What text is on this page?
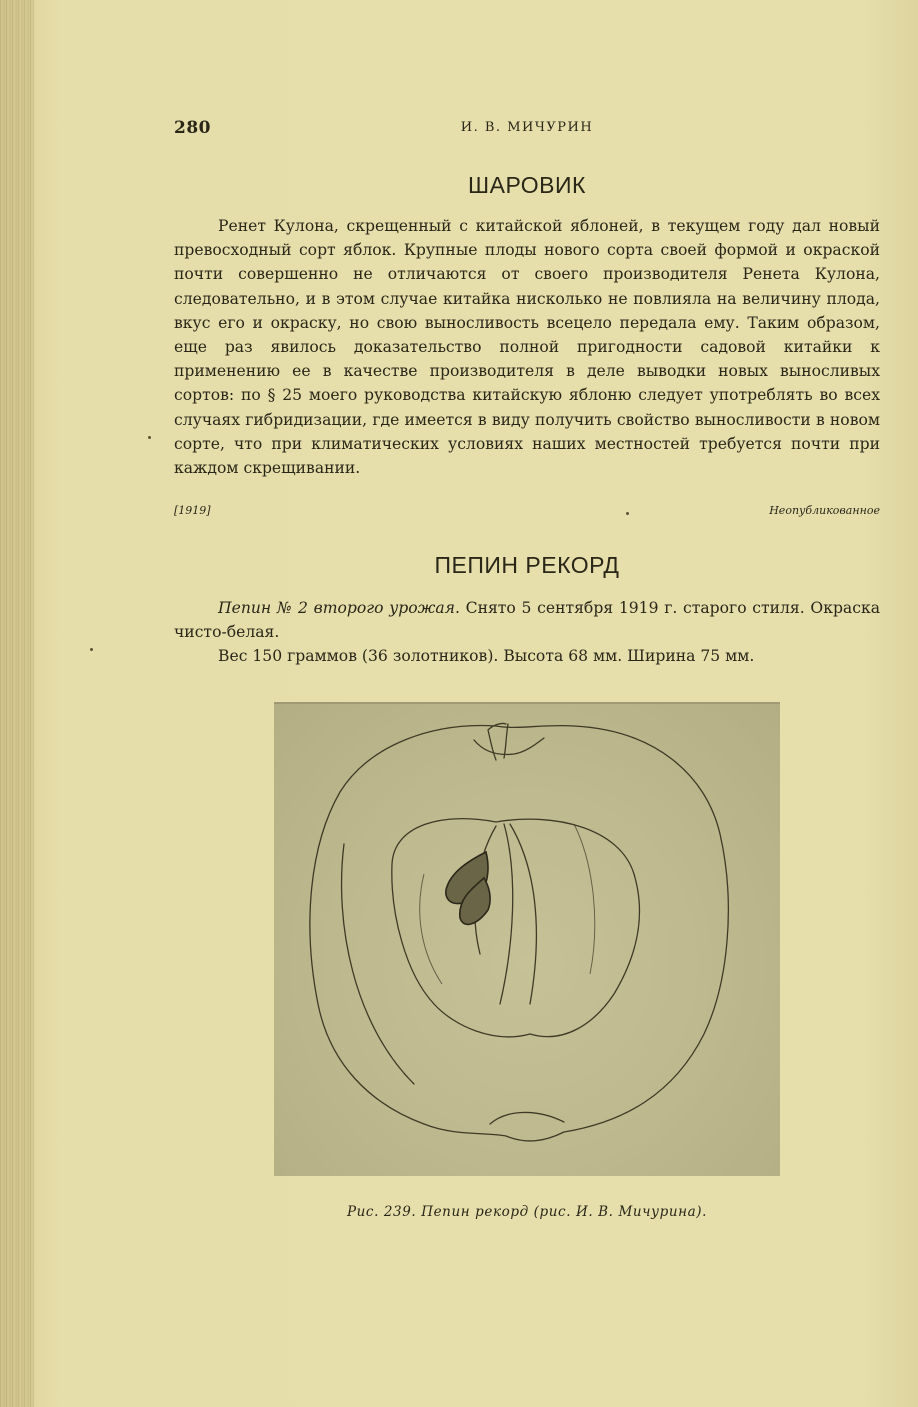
280	И. В. МИЧУРИН
ШАРОВИК

Ренет Кулона, скрещенный с китайской яблоней, в текущем году дал новый превосходный сорт яблок. Крупные плоды нового сорта своей формой и окраской почти совершенно не отличаются от своего производителя Ренета Кулона, следовательно, и в этом случае китайка нисколько не повлияла на величину плода, вкус его и окраску, но свою выносливость всецело передала ему. Таким образом, еще раз явилось доказательство полной пригодности садовой китайки к применению ее в качестве производителя в деле выводки новых выносливых сортов: по § 25 моего руководства китайскую яблоню следует употреблять во всех случаях гибридизации, где имеется в виду получить свойство выносливости в новом сорте, что при климатических условиях наших местностей требуется почти при каждом скрещивании.

[1919]	Неопубликованное
ПЕПИН РЕКОРД

Пепин № 2 второго урожая. Снято 5 сентября 1919 г. старого стиля. Окраска чисто-белая.

Вес 150 граммов (36 золотников). Высота 68 мм. Ширина 75 мм.

Рис. 239. Пепин рекорд (рис. И. В. Мичурина).
